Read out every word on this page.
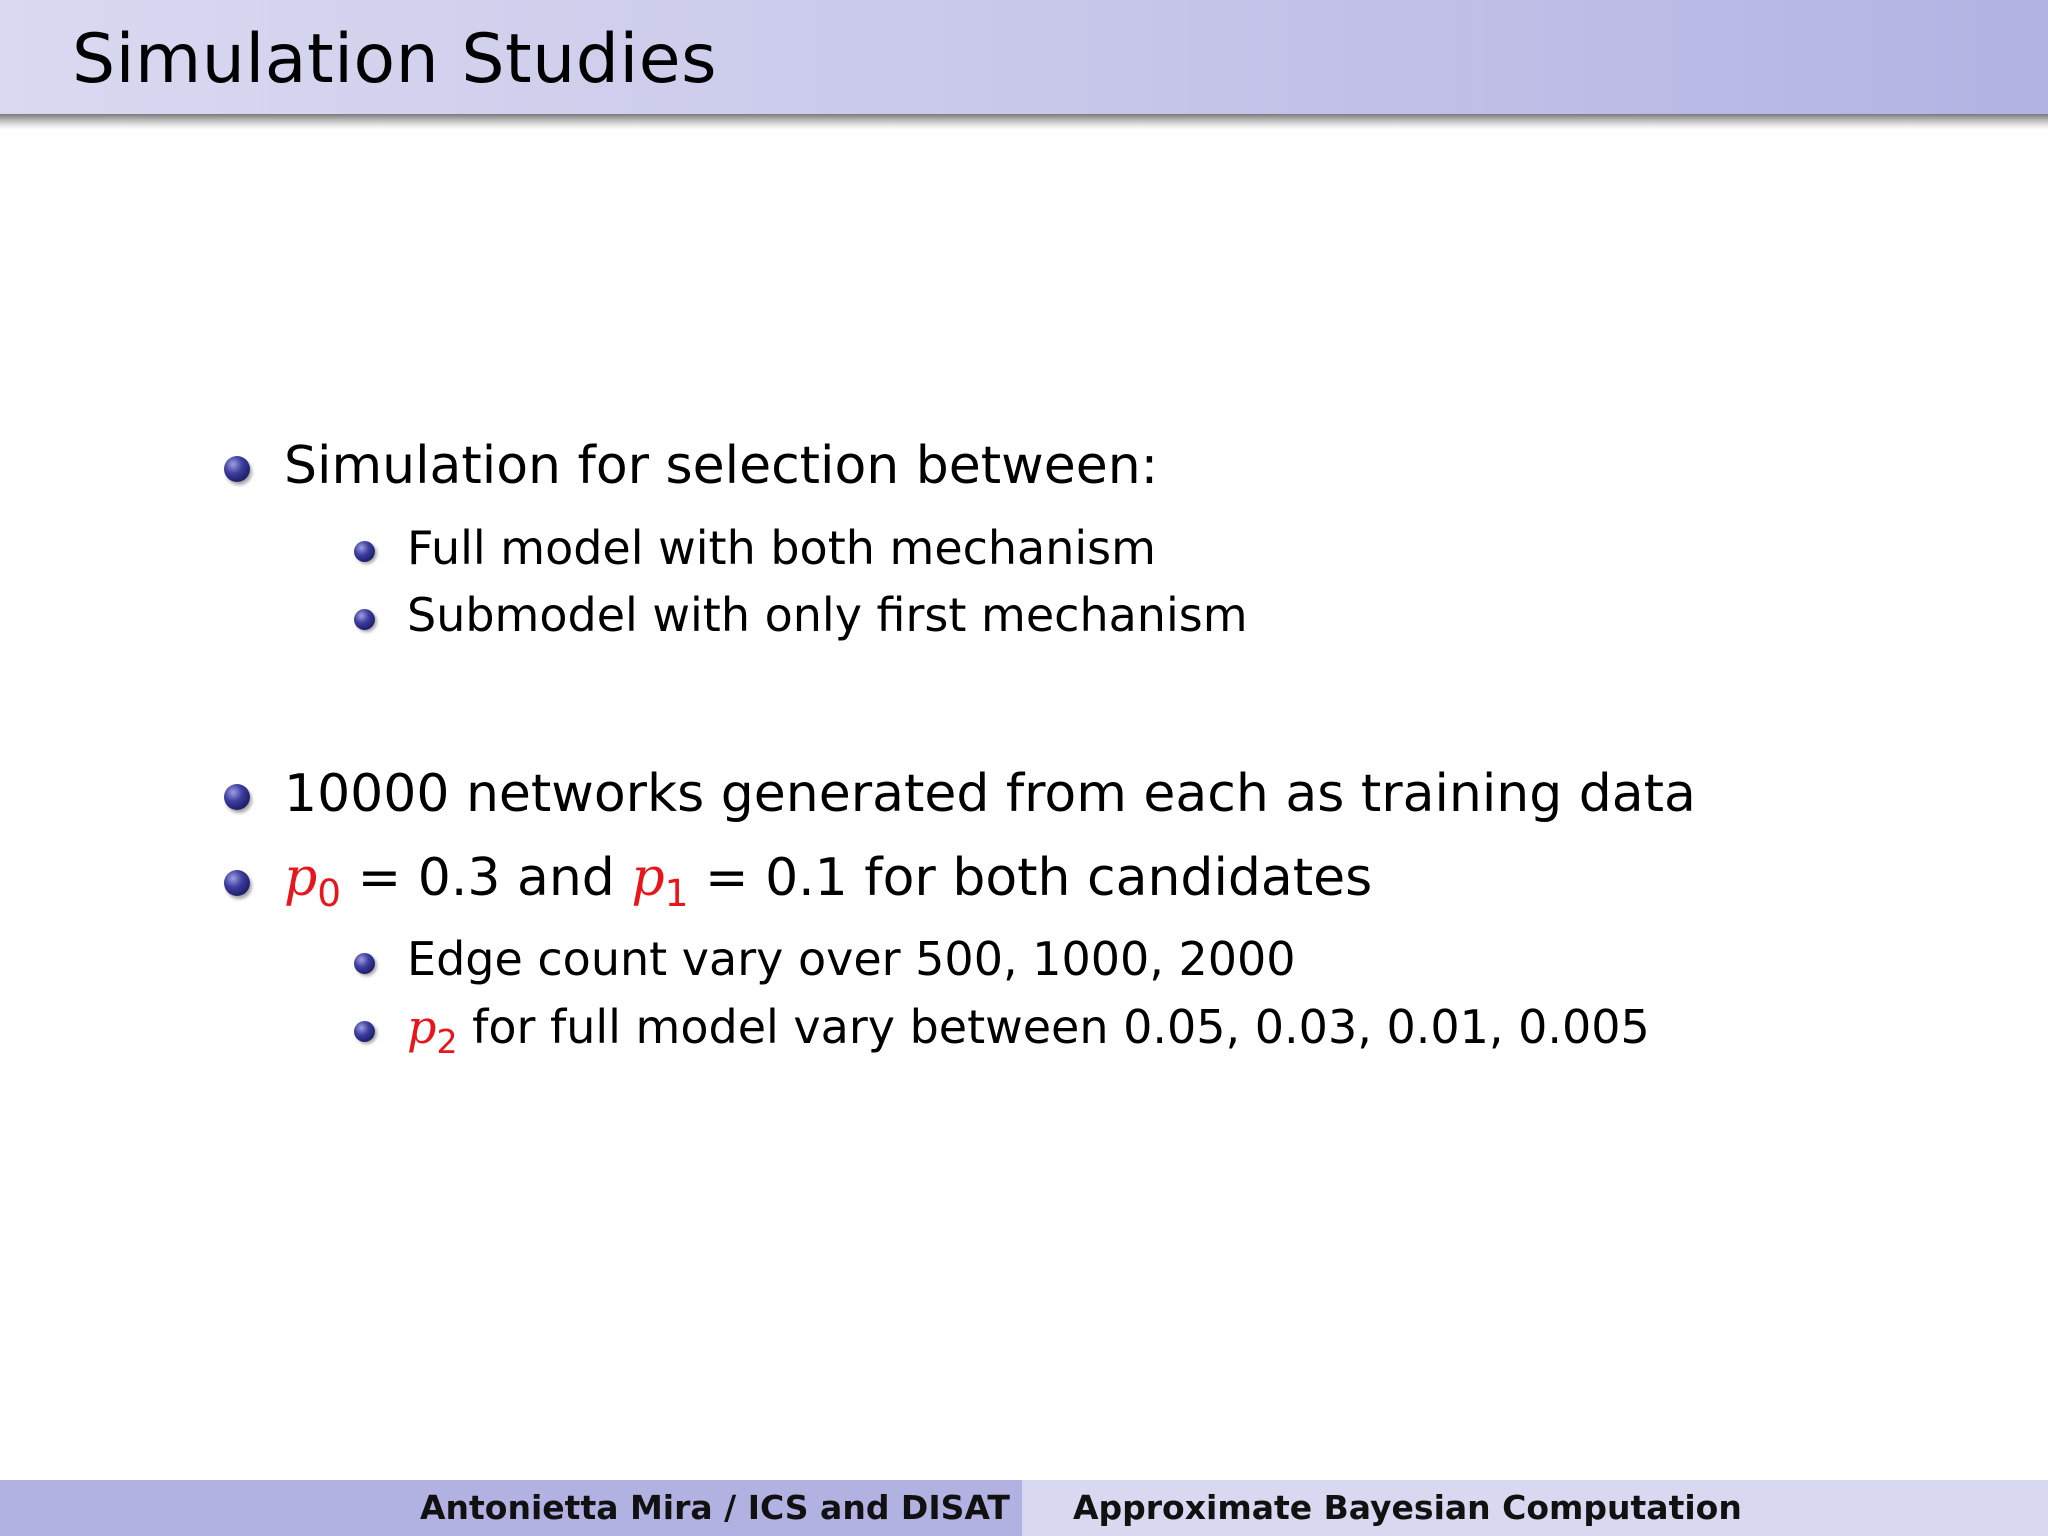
Simulation Studies
Simulation for selection between:
Full model with both mechanism
Submodel with only first mechanism
10000 networks generated from each as training data
$p_0 = 0.3$ and $p_1 = 0.1$ for both candidates
Edge count vary over 500, 1000, 2000
$p_2$ for full model vary between 0.05, 0.03, 0.01, 0.005
Antonietta Mira / ICS and DISAT Approximate Bayesian Computation
